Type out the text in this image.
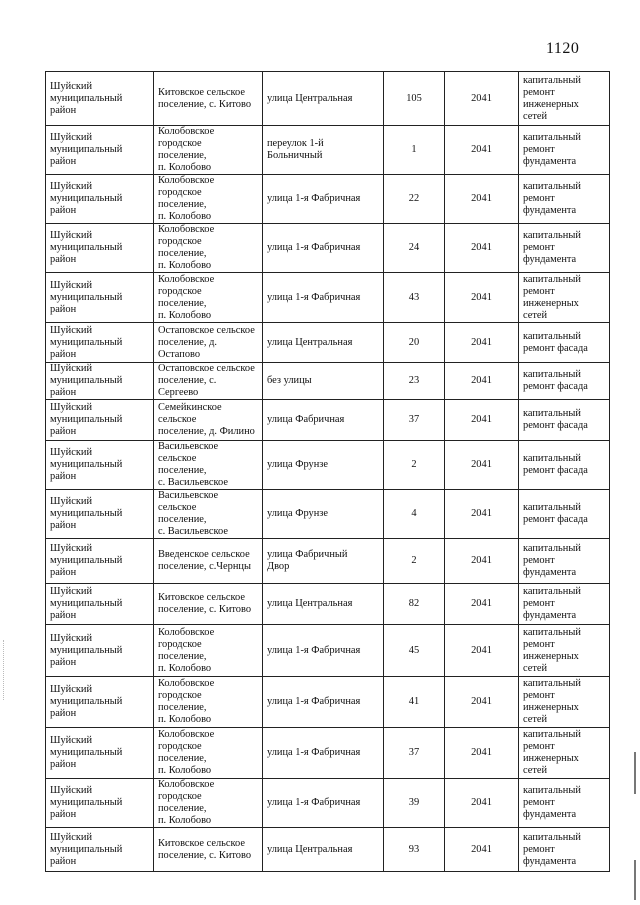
1120
Шуйский
муниципальный
район	Китовское сельское
поселение, с. Китово	улица Центральная	105	2041	капитальный
ремонт
инженерных
сетей

Шуйский
муниципальный
район	Колобовское городское
поселение,
п. Колобово	переулок 1-й
Больничный	1	2041	капитальный
ремонт
фундамента

Шуйский
муниципальный
район	Колобовское городское
поселение,
п. Колобово	улица 1-я Фабричная	22	2041	капитальный
ремонт
фундамента

Шуйский
муниципальный
район	Колобовское городское
поселение,
п. Колобово	улица 1-я Фабричная	24	2041	капитальный
ремонт
фундамента

Шуйский
муниципальный
район	Колобовское городское
поселение,
п. Колобово	улица 1-я Фабричная	43	2041	капитальный
ремонт
инженерных
сетей

Шуйский
муниципальный
район	Остаповское сельское
поселение, д. Остапово	улица Центральная	20	2041	капитальный
ремонт фасада

Шуйский
муниципальный
район	Остаповское сельское
поселение, с. Сергеево	без улицы	23	2041	капитальный
ремонт фасада

Шуйский
муниципальный
район	Семейкинское сельское
поселение, д. Филино	улица Фабричная	37	2041	капитальный
ремонт фасада

Шуйский
муниципальный
район	Васильевское сельское
поселение,
с. Васильевское	улица Фрунзе	2	2041	капитальный
ремонт фасада

Шуйский
муниципальный
район	Васильевское сельское
поселение,
с. Васильевское	улица Фрунзе	4	2041	капитальный
ремонт фасада

Шуйский
муниципальный
район	Введенское сельское
поселение, с.Чернцы	улица Фабричный
Двор	2	2041	капитальный
ремонт
фундамента

Шуйский
муниципальный
район	Китовское сельское
поселение, с. Китово	улица Центральная	82	2041	капитальный
ремонт
фундамента

Шуйский
муниципальный
район	Колобовское городское
поселение,
п. Колобово	улица 1-я Фабричная	45	2041	капитальный
ремонт
инженерных
сетей

Шуйский
муниципальный
район	Колобовское городское
поселение,
п. Колобово	улица 1-я Фабричная	41	2041	капитальный
ремонт
инженерных
сетей

Шуйский
муниципальный
район	Колобовское городское
поселение,
п. Колобово	улица 1-я Фабричная	37	2041	капитальный
ремонт
инженерных
сетей

Шуйский
муниципальный
район	Колобовское городское
поселение,
п. Колобово	улица 1-я Фабричная	39	2041	капитальный
ремонт
фундамента

Шуйский
муниципальный
район	Китовское сельское
поселение, с. Китово	улица Центральная	93	2041	капитальный
ремонт
фундамента
